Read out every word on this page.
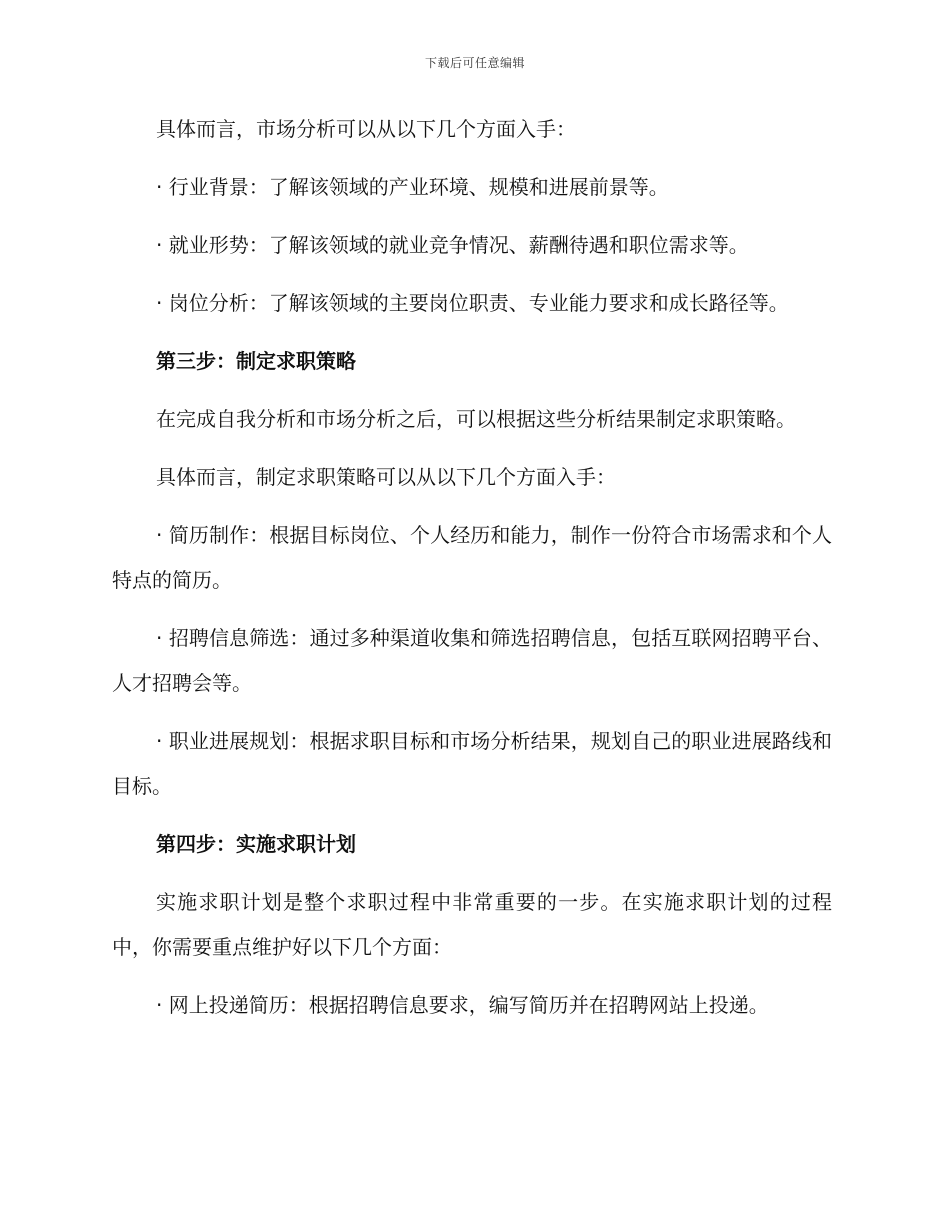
下载后可任意编辑

具体而言，市场分析可以从以下几个方面入手：

· 行业背景：了解该领域的产业环境、规模和进展前景等。

· 就业形势：了解该领域的就业竞争情况、薪酬待遇和职位需求等。

· 岗位分析：了解该领域的主要岗位职责、专业能力要求和成长路径等。

第三步：制定求职策略

在完成自我分析和市场分析之后，可以根据这些分析结果制定求职策略。

具体而言，制定求职策略可以从以下几个方面入手：

· 简历制作：根据目标岗位、个人经历和能力，制作一份符合市场需求和个人特点的简历。

· 招聘信息筛选：通过多种渠道收集和筛选招聘信息，包括互联网招聘平台、人才招聘会等。

· 职业进展规划：根据求职目标和市场分析结果，规划自己的职业进展路线和目标。

第四步：实施求职计划

实施求职计划是整个求职过程中非常重要的一步。在实施求职计划的过程中，你需要重点维护好以下几个方面：

· 网上投递简历：根据招聘信息要求，编写简历并在招聘网站上投递。
